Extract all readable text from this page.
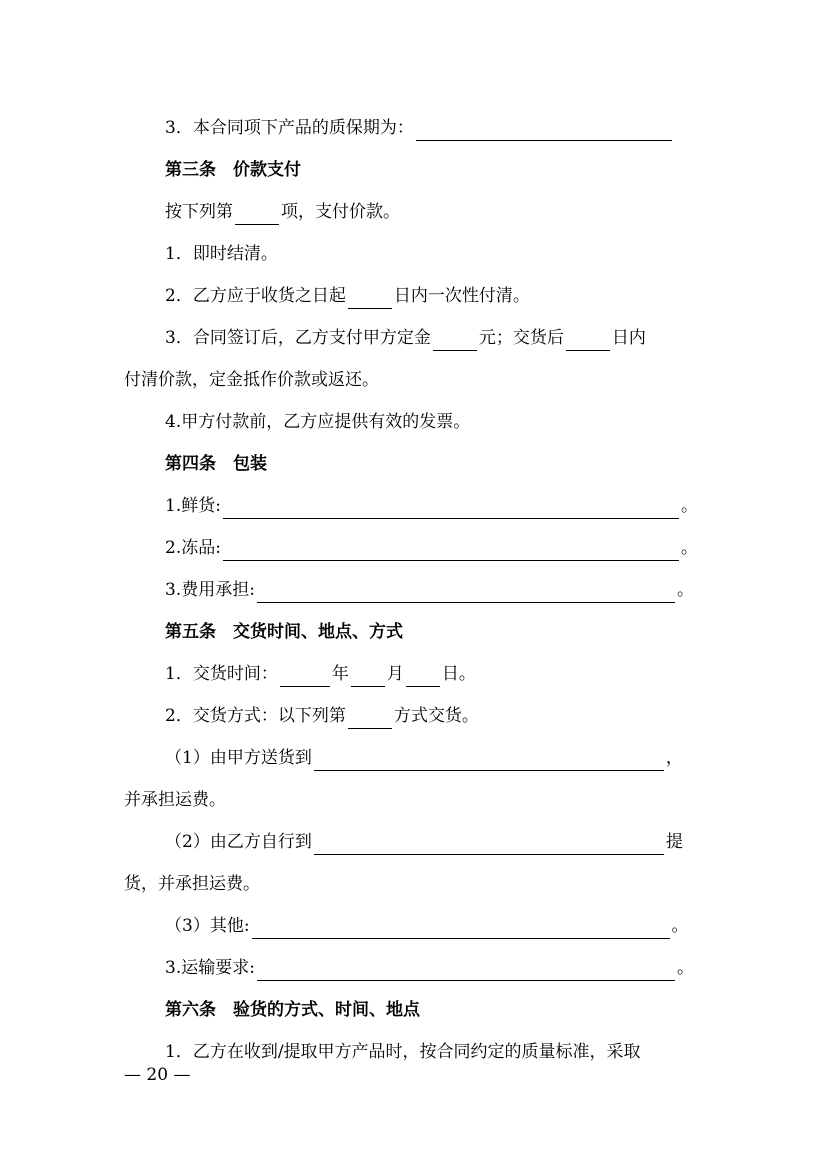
3．本合同项下产品的质保期为：
第三条　价款支付
按下列第	项，支付价款。
1．即时结清。
2．乙方应于收货之日起	日内一次性付清。
3．合同签订后，乙方支付甲方定金	元；交货后	日内
付清价款，定金抵作价款或返还。
4.甲方付款前，乙方应提供有效的发票。
第四条　包装
1.鲜货:	。
2.冻品:	。
3.费用承担:	。
第五条　交货时间、地点、方式
1．交货时间：	年 月 日。
2．交货方式：以下列第	方式交货。
（1）由甲方送货到	，
并承担运费。
（2）由乙方自行到	提
货，并承担运费。
（3）其他:	。
3.运输要求:	。
第六条　验货的方式、时间、地点
1．乙方在收到/提取甲方产品时，按合同约定的质量标准，采取
— 20 —
